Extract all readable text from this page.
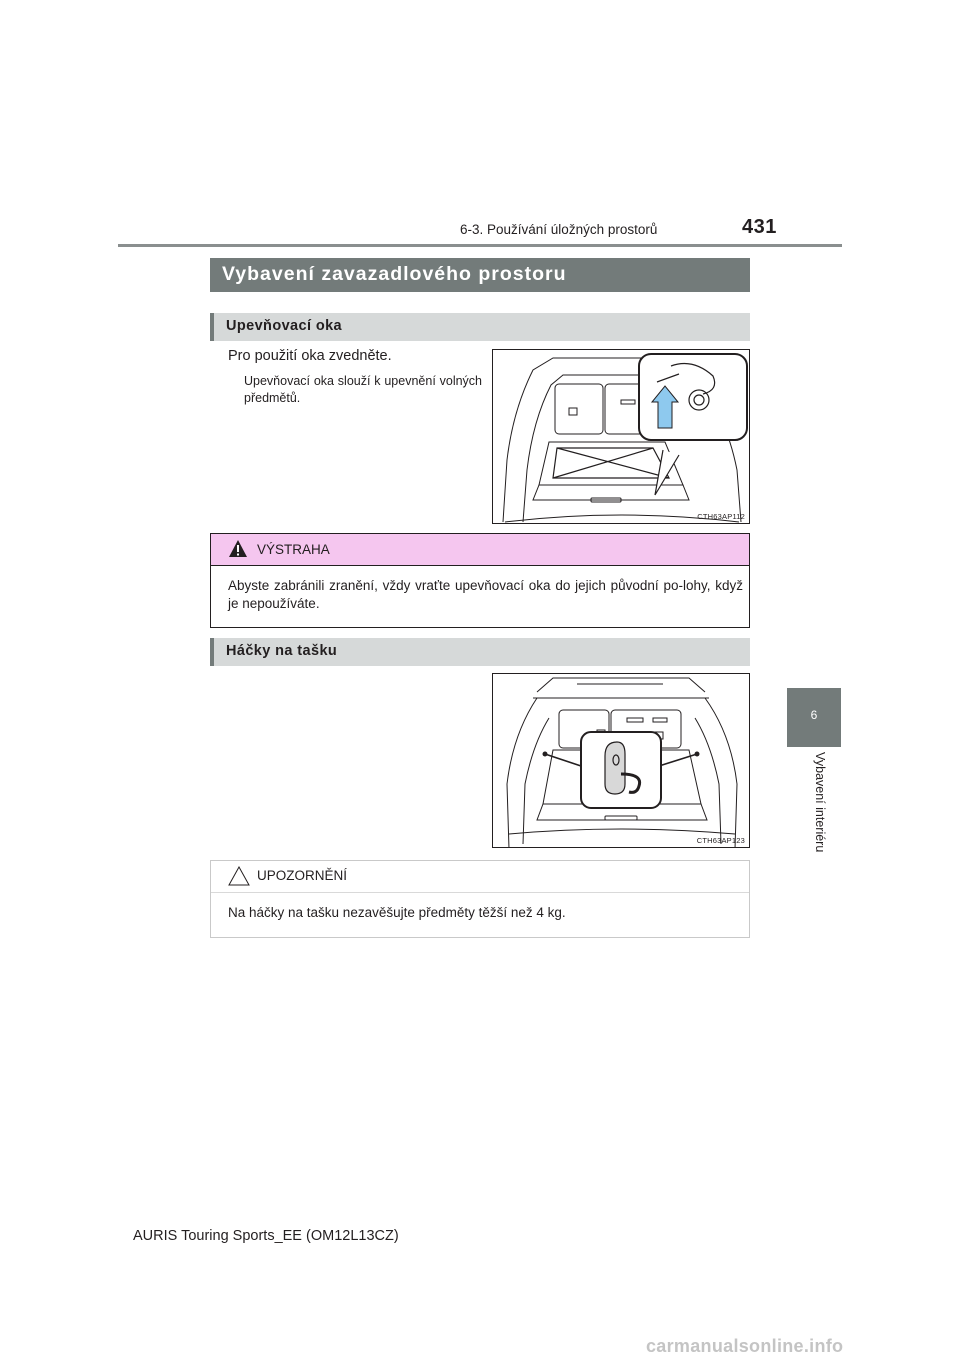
6-3. Používání úložných prostorů	431
6
Vybavení interiéru
Vybavení zavazadlového prostoru
Upevňovací oka
Pro použití oka zvedněte.
Upevňovací oka slouží k upevnění volných předmětů.
CTH63AP112
VÝSTRAHA
Abyste zabránili zranění, vždy vraťte upevňovací oka do jejich původní po-lohy, když je nepoužíváte.
Háčky na tašku
CTH63AP123
UPOZORNĚNÍ
Na háčky na tašku nezavěšujte předměty těžší než 4 kg.
AURIS Touring Sports_EE (OM12L13CZ)
carmanualsonline.info
